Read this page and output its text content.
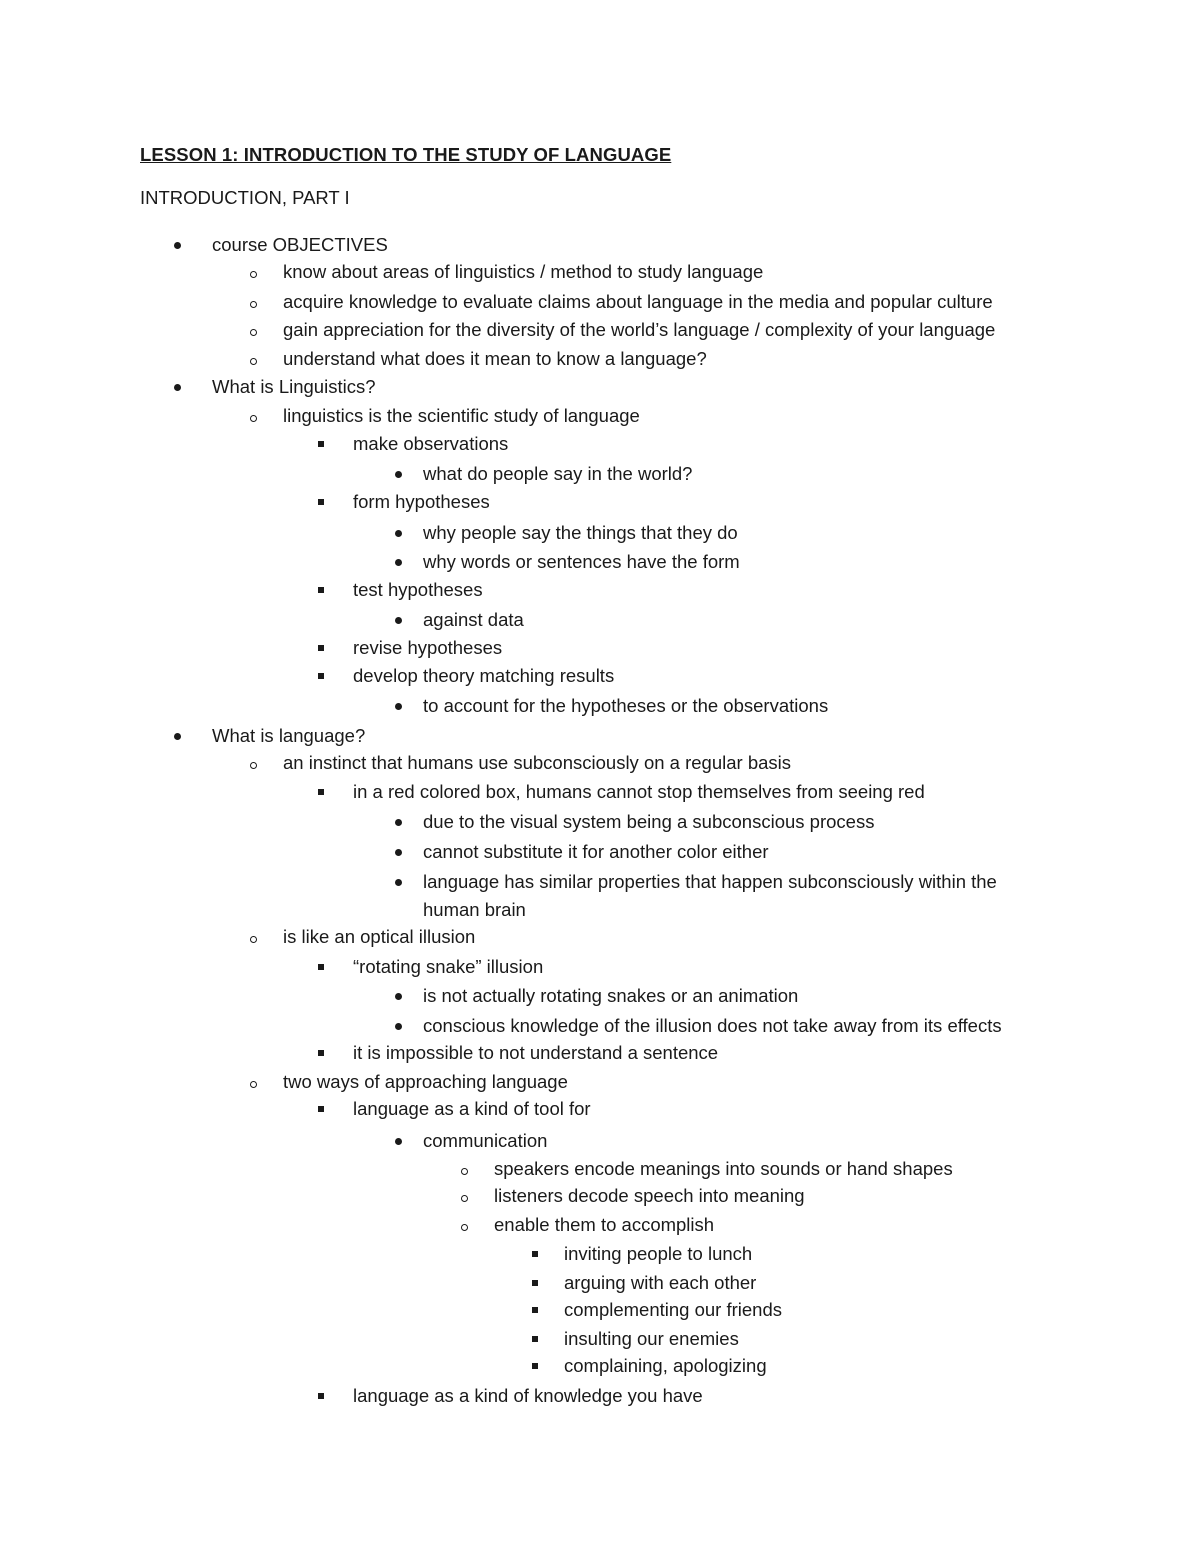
LESSON 1: INTRODUCTION TO THE STUDY OF LANGUAGE
INTRODUCTION, PART I
course OBJECTIVES
know about areas of linguistics / method to study language
acquire knowledge to evaluate claims about language in the media and popular culture
gain appreciation for the diversity of the world’s language / complexity of your language
understand what does it mean to know a language?
What is Linguistics?
linguistics is the scientific study of language
make observations
what do people say in the world?
form hypotheses
why people say the things that they do
why words or sentences have the form
test hypotheses
against data
revise hypotheses
develop theory matching results
to account for the hypotheses or the observations
What is language?
an instinct that humans use subconsciously on a regular basis
in a red colored box, humans cannot stop themselves from seeing red
due to the visual system being a subconscious process
cannot substitute it for another color either
language has similar properties that happen subconsciously within the
human brain
is like an optical illusion
“rotating snake” illusion
is not actually rotating snakes or an animation
conscious knowledge of the illusion does not take away from its effects
it is impossible to not understand a sentence
two ways of approaching language
language as a kind of tool for
communication
speakers encode meanings into sounds or hand shapes
listeners decode speech into meaning
enable them to accomplish
inviting people to lunch
arguing with each other
complementing our friends
insulting our enemies
complaining, apologizing
language as a kind of knowledge you have
